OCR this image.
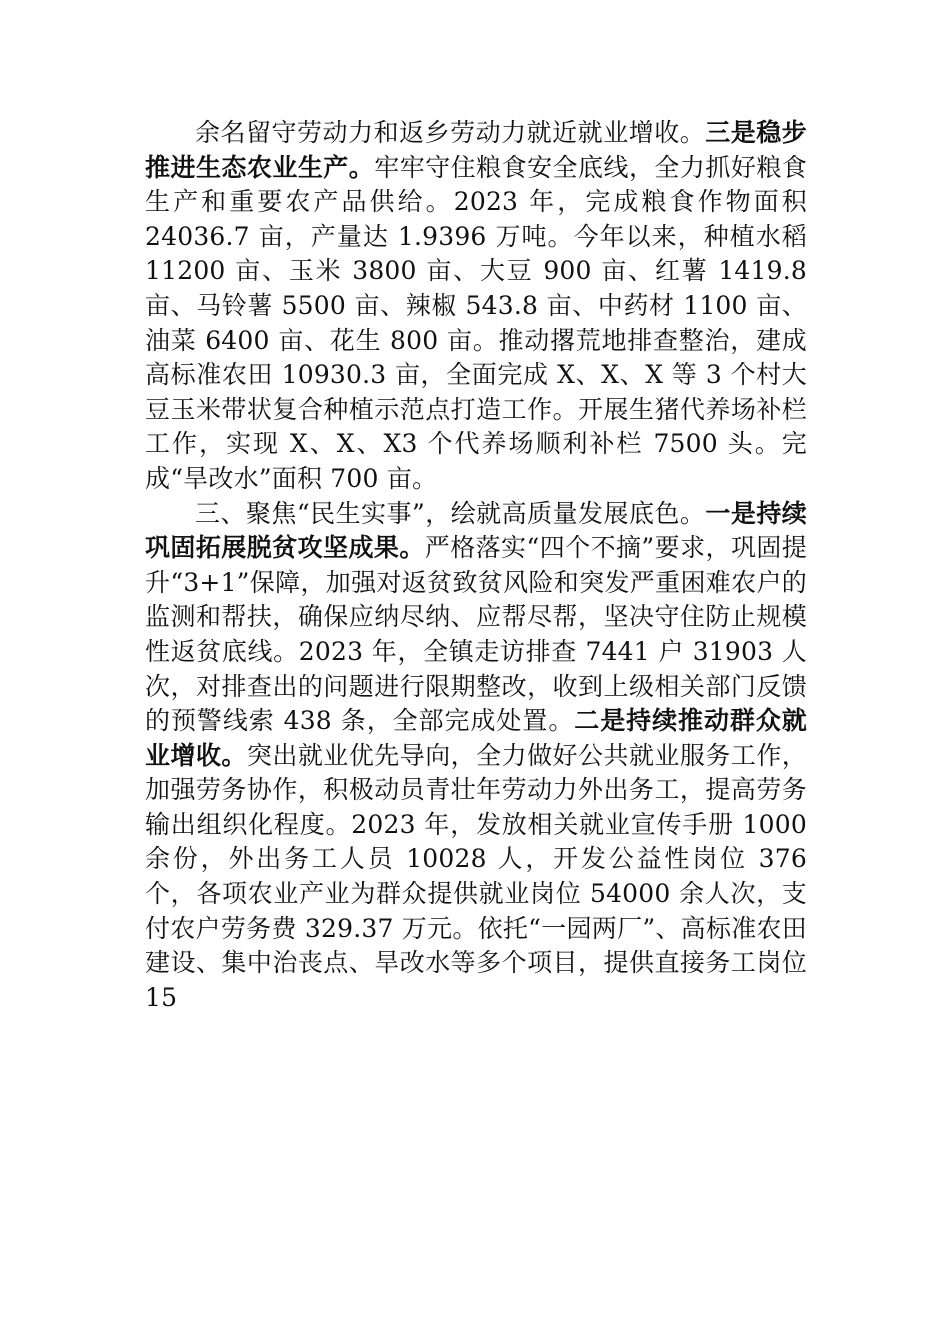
余名留守劳动力和返乡劳动力就近就业增收。三是稳步推进生态农业生产。牢牢守住粮食安全底线，全力抓好粮食生产和重要农产品供给。2023 年，完成粮食作物面积 24036.7 亩，产量达 1.9396 万吨。今年以来，种植水稻 11200 亩、玉米 3800 亩、大豆 900 亩、红薯 1419.8 亩、马铃薯 5500 亩、辣椒 543.8 亩、中药材 1100 亩、油菜 6400 亩、花生 800 亩。推动撂荒地排查整治，建成高标准农田 10930.3 亩，全面完成 X、X、X 等 3 个村大豆玉米带状复合种植示范点打造工作。开展生猪代养场补栏工作，实现 X、X、X3 个代养场顺利补栏 7500 头。完成“旱改水”面积 700 亩。

三、聚焦“民生实事”，绘就高质量发展底色。一是持续巩固拓展脱贫攻坚成果。严格落实“四个不摘”要求，巩固提升“3+1”保障，加强对返贫致贫风险和突发严重困难农户的监测和帮扶，确保应纳尽纳、应帮尽帮，坚决守住防止规模性返贫底线。2023 年，全镇走访排查 7441 户 31903 人次，对排查出的问题进行限期整改，收到上级相关部门反馈的预警线索 438 条，全部完成处置。二是持续推动群众就业增收。突出就业优先导向，全力做好公共就业服务工作，加强劳务协作，积极动员青壮年劳动力外出务工，提高劳务输出组织化程度。2023 年，发放相关就业宣传手册 1000 余份，外出务工人员 10028 人，开发公益性岗位 376 个，各项农业产业为群众提供就业岗位 54000 余人次，支付农户劳务费 329.37 万元。依托“一园两厂”、高标准农田建设、集中治丧点、旱改水等多个项目，提供直接务工岗位 15
